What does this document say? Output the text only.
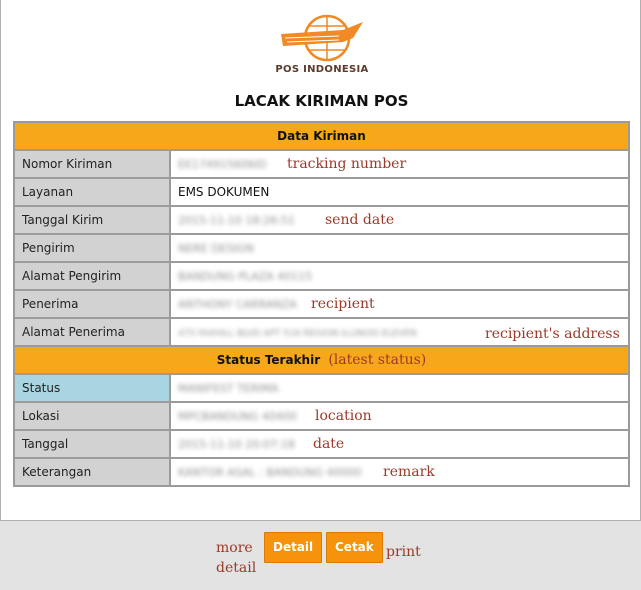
POS INDONESIA
LACAK KIRIMAN POS
Data Kiriman	
Nomor Kiriman	EE174915606ID tracking number

Layanan	EMS DOKUMEN
Tanggal Kirim	2015-11-10 18:26:51 send date

Pengirim	NERE DESIGN
Alamat Pengirim	BANDUNG PLAZA 40115
Penerima	ANTHONY CARRANZA recipient

Alamat Penerima	475 FAXHILL BLVD APT 518 REGION ILLINOIS ELEVEN recipient's address

Status Terakhir (latest status)	
Status	MANIFEST TERIMA
Lokasi	MPCBANDUNG 40400 location

Tanggal	2015-11-10 20:07:18 date

Keterangan	KANTOR ASAL : BANDUNG 40000 remark
more detail
Detail	Cetak print
